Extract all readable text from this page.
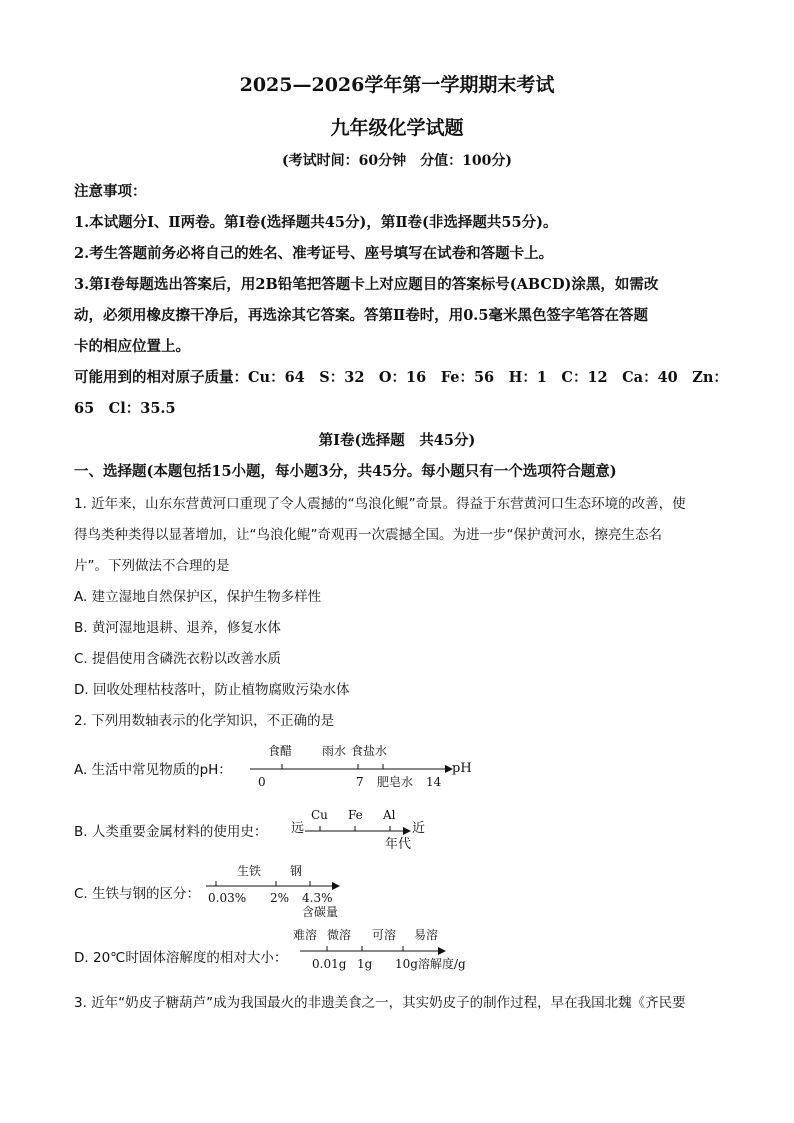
2025—2026学年第一学期期末考试
九年级化学试题
(考试时间：60分钟　分值：100分)
注意事项：
1.本试题分Ⅰ、Ⅱ两卷。第Ⅰ卷(选择题共45分)，第Ⅱ卷(非选择题共55分)。
2.考生答题前务必将自己的姓名、准考证号、座号填写在试卷和答题卡上。
3.第Ⅰ卷每题选出答案后，用2B铅笔把答题卡上对应题目的答案标号(ABCD)涂黑，如需改
动，必须用橡皮擦干净后，再选涂其它答案。答第Ⅱ卷时，用0.5毫米黑色签字笔答在答题
卡的相应位置上。
可能用到的相对原子质量：Cu：64　S：32　O：16　Fe：56　H：1　C：12　Ca：40　Zn：
65　Cl：35.5
第Ⅰ卷(选择题　共45分)
一、选择题(本题包括15小题，每小题3分，共45分。每小题只有一个选项符合题意)
1. 近年来，山东东营黄河口重现了令人震撼的“鸟浪化鲲”奇景。得益于东营黄河口生态环境的改善，使
得鸟类种类得以显著增加，让“鸟浪化鲲”奇观再一次震撼全国。为进一步“保护黄河水，擦亮生态名
片”。下列做法不合理的是
A. 建立湿地自然保护区，保护生物多样性
B. 黄河湿地退耕、退养，修复水体
C. 提倡使用含磷洗衣粉以改善水质
D. 回收处理枯枝落叶，防止植物腐败污染水体
2. 下列用数轴表示的化学知识，不正确的是
A. 生活中常见物质的pH：
食醋 雨水 食盐水
0	7 肥皂水 14
pH
B. 人类重要金属材料的使用史：	远
Cu Fe Al
近
年代
C. 生铁与钢的区分：
生铁 钢
0.03% 2% 4.3%
含碳量
D. 20℃时固体溶解度的相对大小：
难溶 微溶 可溶 易溶
0.01g 1g 10g 溶解度/g
3. 近年“奶皮子糖葫芦”成为我国最火的非遗美食之一，其实奶皮子的制作过程，早在我国北魏《齐民要
